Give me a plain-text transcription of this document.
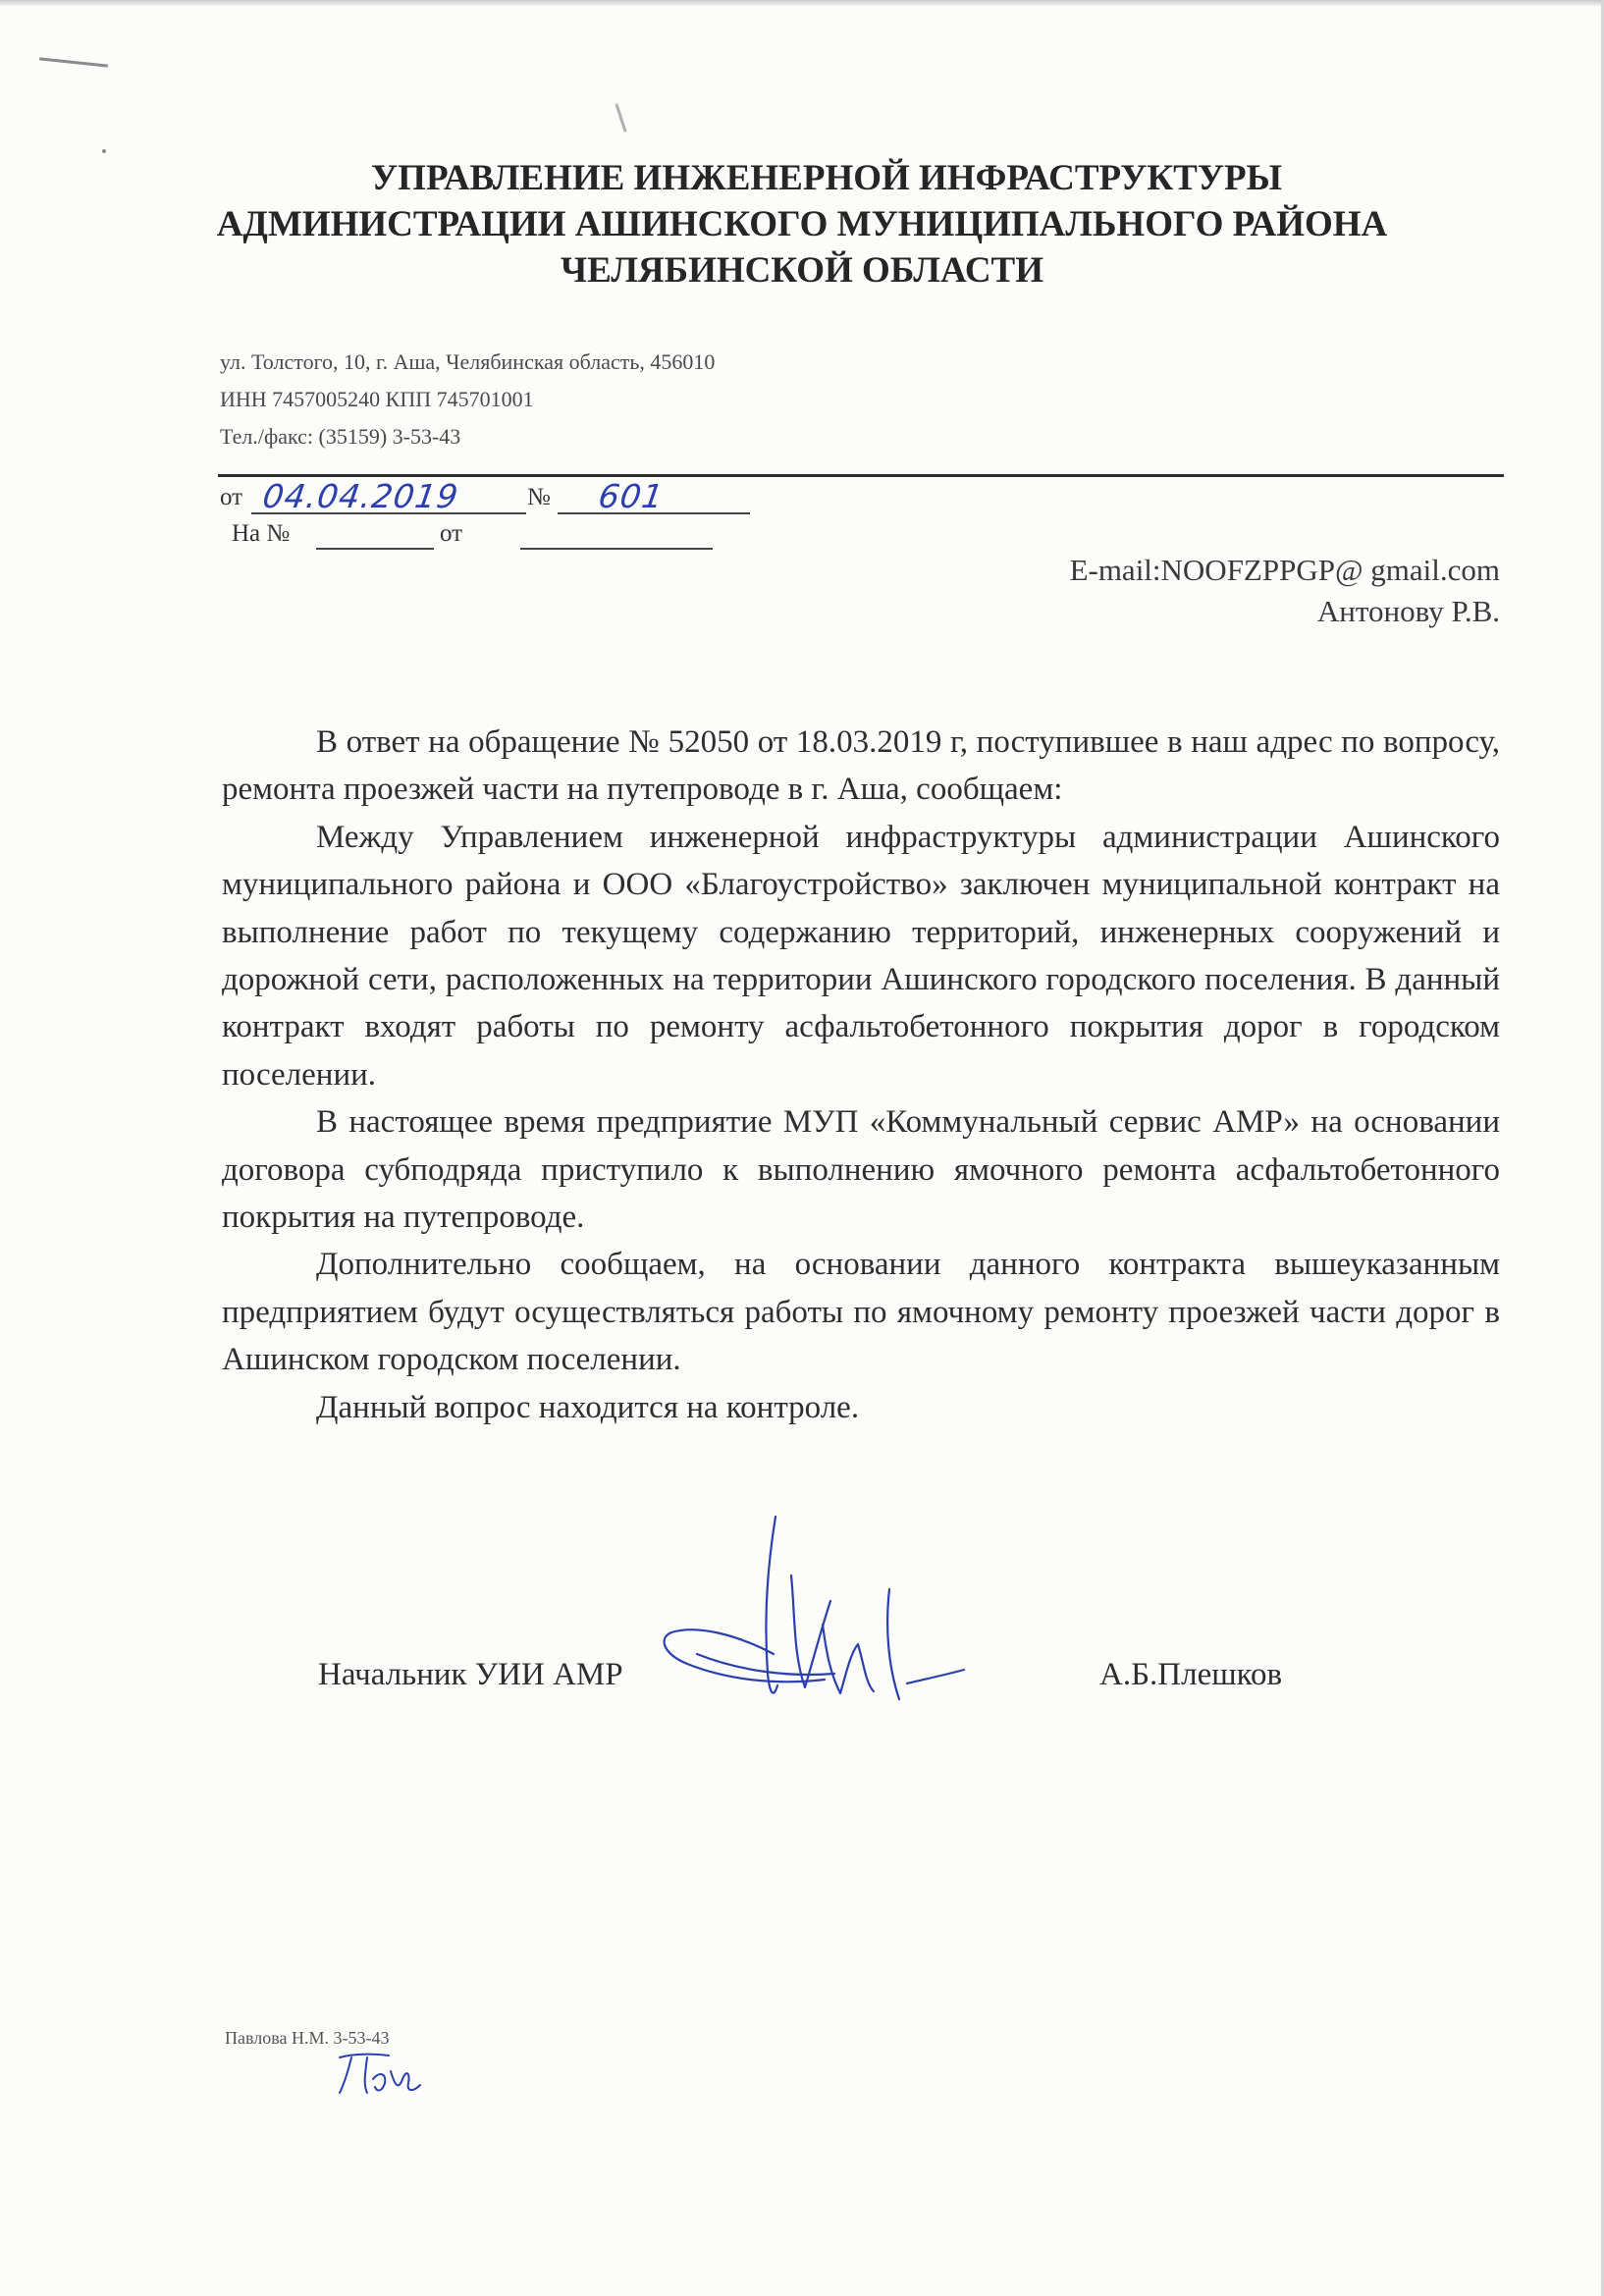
УПРАВЛЕНИЕ ИНЖЕНЕРНОЙ ИНФРАСТРУКТУРЫ
АДМИНИСТРАЦИИ АШИНСКОГО МУНИЦИПАЛЬНОГО РАЙОНА
ЧЕЛЯБИНСКОЙ ОБЛАСТИ
ул. Толстого, 10, г. Аша, Челябинская область, 456010
ИНН 7457005240 КПП 745701001
Тел./факс: (35159) 3-53-43
от 04.04.2019	№ 601
На №	от
E-mail:NOOFZPPGP@ gmail.com
Антонову Р.В.

В ответ на обращение № 52050 от 18.03.2019 г, поступившее в наш адрес по вопросу, ремонта проезжей части на путепроводе в г. Аша, сообщаем:

Между Управлением инженерной инфраструктуры администрации Ашинского муниципального района и ООО «Благоустройство» заключен муниципальной контракт на выполнение работ по текущему содержанию территорий, инженерных сооружений и дорожной сети, расположенных на территории Ашинского городского поселения. В данный контракт входят работы по ремонту асфальтобетонного покрытия дорог в городском поселении.

В настоящее время предприятие МУП «Коммунальный сервис АМР» на основании договора субподряда приступило к выполнению ямочного ремонта асфальтобетонного покрытия на путепроводе.

Дополнительно сообщаем, на основании данного контракта вышеуказанным предприятием будут осуществляться работы по ямочному ремонту проезжей части дорог в Ашинском городском поселении.

Данный вопрос находится на контроле.

Начальник УИИ АМР	А.Б.Плешков
Павлова Н.М. 3-53-43
